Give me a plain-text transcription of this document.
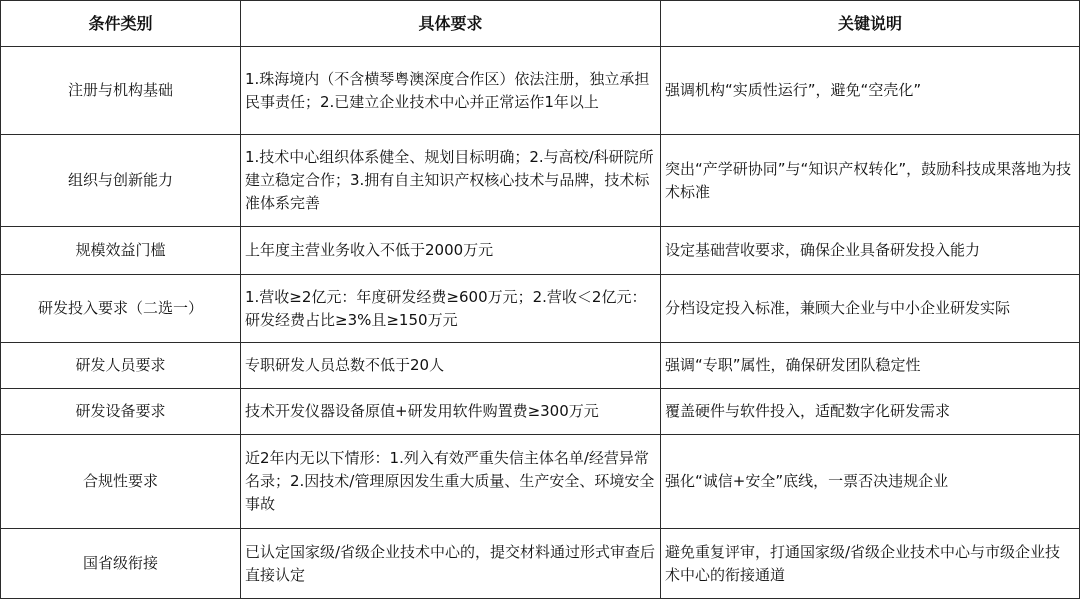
条件类别	具体要求	关键说明
注册与机构基础	1.珠海境内（不含横琴粤澳深度合作区）依法注册，独立承担民事责任；2.已建立企业技术中心并正常运作1年以上	强调机构“实质性运行”，避免“空壳化”
组织与创新能力	1.技术中心组织体系健全、规划目标明确；2.与高校/科研院所建立稳定合作；3.拥有自主知识产权核心技术与品牌，技术标准体系完善	突出“产学研协同”与“知识产权转化”，鼓励科技成果落地为技术标准
规模效益门槛	上年度主营业务收入不低于2000万元	设定基础营收要求，确保企业具备研发投入能力
研发投入要求（二选一）	1.营收≥2亿元：年度研发经费≥600万元；2.营收＜2亿元：研发经费占比≥3%且≥150万元	分档设定投入标准，兼顾大企业与中小企业研发实际
研发人员要求	专职研发人员总数不低于20人	强调“专职”属性，确保研发团队稳定性
研发设备要求	技术开发仪器设备原值+研发用软件购置费≥300万元	覆盖硬件与软件投入，适配数字化研发需求
合规性要求	近2年内无以下情形：1.列入有效严重失信主体名单/经营异常名录；2.因技术/管理原因发生重大质量、生产安全、环境安全事故	强化“诚信+安全”底线，一票否决违规企业
国省级衔接	已认定国家级/省级企业技术中心的，提交材料通过形式审查后直接认定	避免重复评审，打通国家级/省级企业技术中心与市级企业技术中心的衔接通道
